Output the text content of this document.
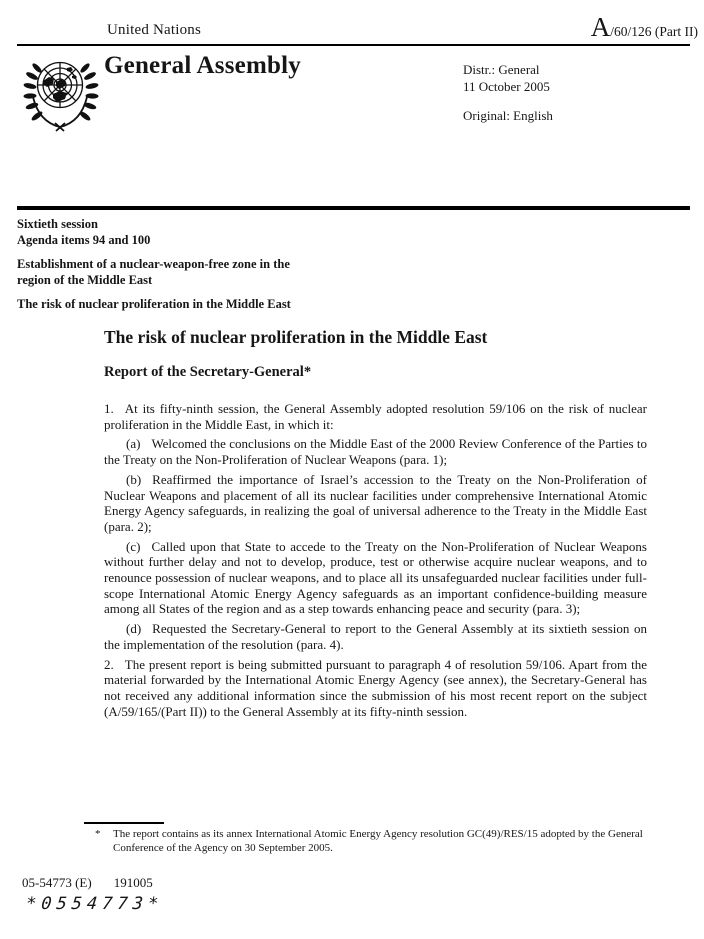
United Nations	A/60/126 (Part II)
General Assembly	Distr.: General
11 October 2005
Original: English
Sixtieth session
Agenda items 94 and 100
Establishment of a nuclear-weapon-free zone in the
region of the Middle East
The risk of nuclear proliferation in the Middle East
The risk of nuclear proliferation in the Middle East
Report of the Secretary-General*

1. At its fifty-ninth session, the General Assembly adopted resolution 59/106 on the risk of nuclear proliferation in the Middle East, in which it:

(a) Welcomed the conclusions on the Middle East of the 2000 Review Conference of the Parties to the Treaty on the Non-Proliferation of Nuclear Weapons (para. 1);

(b) Reaffirmed the importance of Israel’s accession to the Treaty on the Non-Proliferation of Nuclear Weapons and placement of all its nuclear facilities under comprehensive International Atomic Energy Agency safeguards, in realizing the goal of universal adherence to the Treaty in the Middle East (para. 2);

(c) Called upon that State to accede to the Treaty on the Non-Proliferation of Nuclear Weapons without further delay and not to develop, produce, test or otherwise acquire nuclear weapons, and to renounce possession of nuclear weapons, and to place all its unsafeguarded nuclear facilities under full-scope International Atomic Energy Agency safeguards as an important confidence-building measure among all States of the region and as a step towards enhancing peace and security (para. 3);

(d) Requested the Secretary-General to report to the General Assembly at its sixtieth session on the implementation of the resolution (para. 4).

2. The present report is being submitted pursuant to paragraph 4 of resolution 59/106. Apart from the material forwarded by the International Atomic Energy Agency (see annex), the Secretary-General has not received any additional information since the submission of his most recent report on the subject (A/59/165/(Part II)) to the General Assembly at its fifty-ninth session.

* The report contains as its annex International Atomic Energy Agency resolution GC(49)/RES/15 adopted by the General Conference of the Agency on 30 September 2005.

05-54773 (E) 191005
*0554773*
